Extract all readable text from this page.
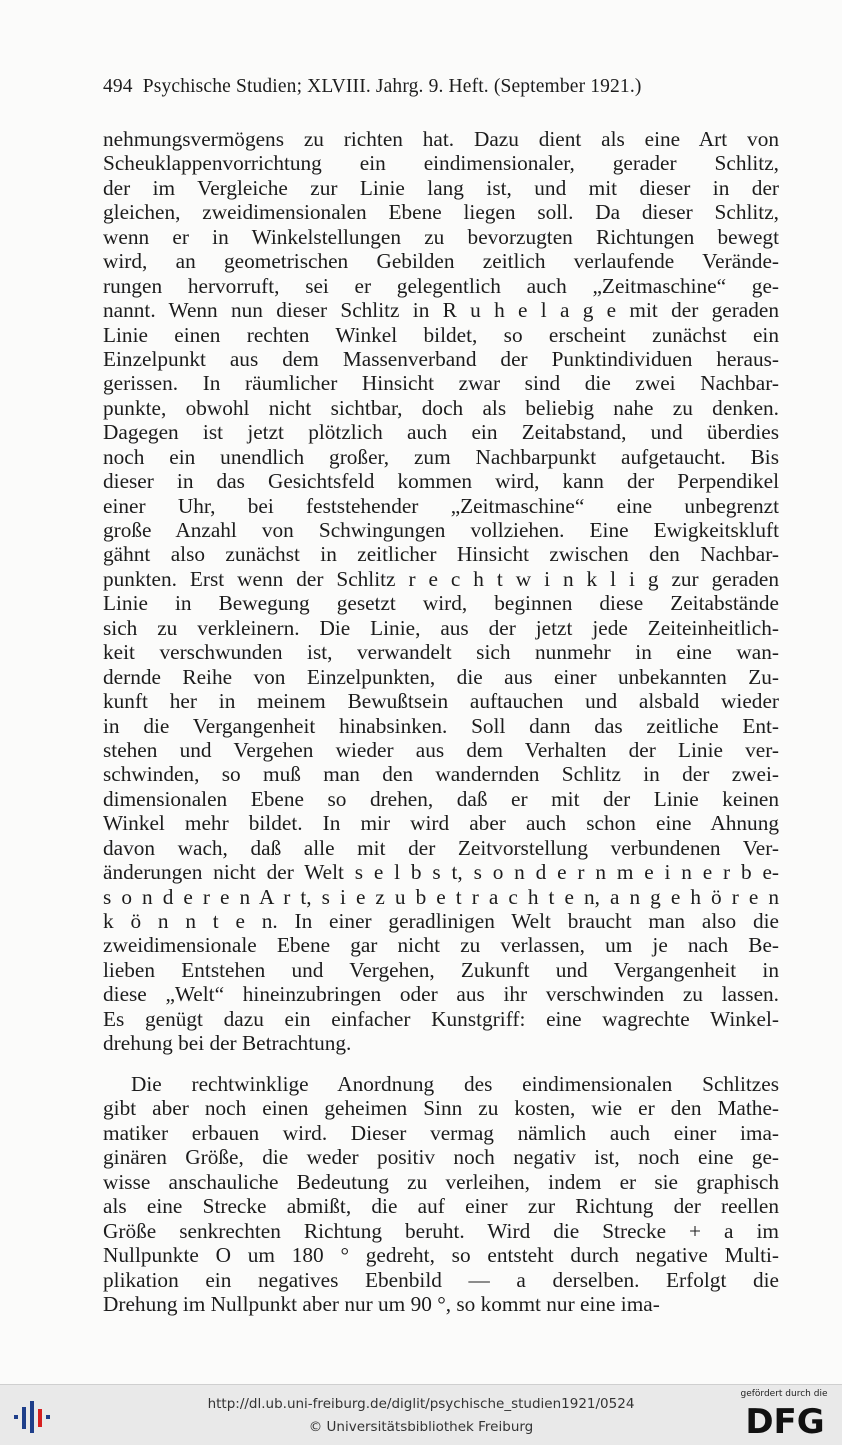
494 Psychische Studien; XLVIII. Jahrg. 9. Heft. (September 1921.)
nehmungsvermögens zu richten hat. Dazu dient als eine Art von
Scheuklappenvorrichtung ein eindimensionaler, gerader Schlitz,
der im Vergleiche zur Linie lang ist, und mit dieser in der
gleichen, zweidimensionalen Ebene liegen soll. Da dieser Schlitz,
wenn er in Winkelstellungen zu bevorzugten Richtungen bewegt
wird, an geometrischen Gebilden zeitlich verlaufende Verände-
rungen hervorruft, sei er gelegentlich auch „Zeitmaschine“ ge-
nannt. Wenn nun dieser Schlitz in R u h e l a g e mit der geraden
Linie einen rechten Winkel bildet, so erscheint zunächst ein
Einzelpunkt aus dem Massenverband der Punktindividuen heraus-
gerissen. In räumlicher Hinsicht zwar sind die zwei Nachbar-
punkte, obwohl nicht sichtbar, doch als beliebig nahe zu denken.
Dagegen ist jetzt plötzlich auch ein Zeitabstand, und überdies
noch ein unendlich großer, zum Nachbarpunkt aufgetaucht. Bis
dieser in das Gesichtsfeld kommen wird, kann der Perpendikel
einer Uhr, bei feststehender „Zeitmaschine“ eine unbegrenzt
große Anzahl von Schwingungen vollziehen. Eine Ewigkeitskluft
gähnt also zunächst in zeitlicher Hinsicht zwischen den Nachbar-
punkten. Erst wenn der Schlitz r e c h t w i n k l i g zur geraden
Linie in Bewegung gesetzt wird, beginnen diese Zeitabstände
sich zu verkleinern. Die Linie, aus der jetzt jede Zeiteinheitlich-
keit verschwunden ist, verwandelt sich nunmehr in eine wan-
dernde Reihe von Einzelpunkten, die aus einer unbekannten Zu-
kunft her in meinem Bewußtsein auftauchen und alsbald wieder
in die Vergangenheit hinabsinken. Soll dann das zeitliche Ent-
stehen und Vergehen wieder aus dem Verhalten der Linie ver-
schwinden, so muß man den wandernden Schlitz in der zwei-
dimensionalen Ebene so drehen, daß er mit der Linie keinen
Winkel mehr bildet. In mir wird aber auch schon eine Ahnung
davon wach, daß alle mit der Zeitvorstellung verbundenen Ver-
änderungen nicht der Welt s e l b s t, s o n d e r n m e i n e r b e-
s o n d e r e n A r t, s i e z u b e t r a c h t e n, a n g e h ö r e n
k ö n n t e n. In einer geradlinigen Welt braucht man also die
zweidimensionale Ebene gar nicht zu verlassen, um je nach Be-
lieben Entstehen und Vergehen, Zukunft und Vergangenheit in
diese „Welt“ hineinzubringen oder aus ihr verschwinden zu lassen.
Es genügt dazu ein einfacher Kunstgriff: eine wagrechte Winkel-
drehung bei der Betrachtung.
Die rechtwinklige Anordnung des eindimensionalen Schlitzes
gibt aber noch einen geheimen Sinn zu kosten, wie er den Mathe-
matiker erbauen wird. Dieser vermag nämlich auch einer ima-
ginären Größe, die weder positiv noch negativ ist, noch eine ge-
wisse anschauliche Bedeutung zu verleihen, indem er sie graphisch
als eine Strecke abmißt, die auf einer zur Richtung der reellen
Größe senkrechten Richtung beruht. Wird die Strecke + a im
Nullpunkte O um 180 ° gedreht, so entsteht durch negative Multi-
plikation ein negatives Ebenbild — a derselben. Erfolgt die
Drehung im Nullpunkt aber nur um 90 °, so kommt nur eine ima-
http://dl.ub.uni-freiburg.de/diglit/psychische_studien1921/0524
© Universitätsbibliothek Freiburg
gefördert durch die
DFG
